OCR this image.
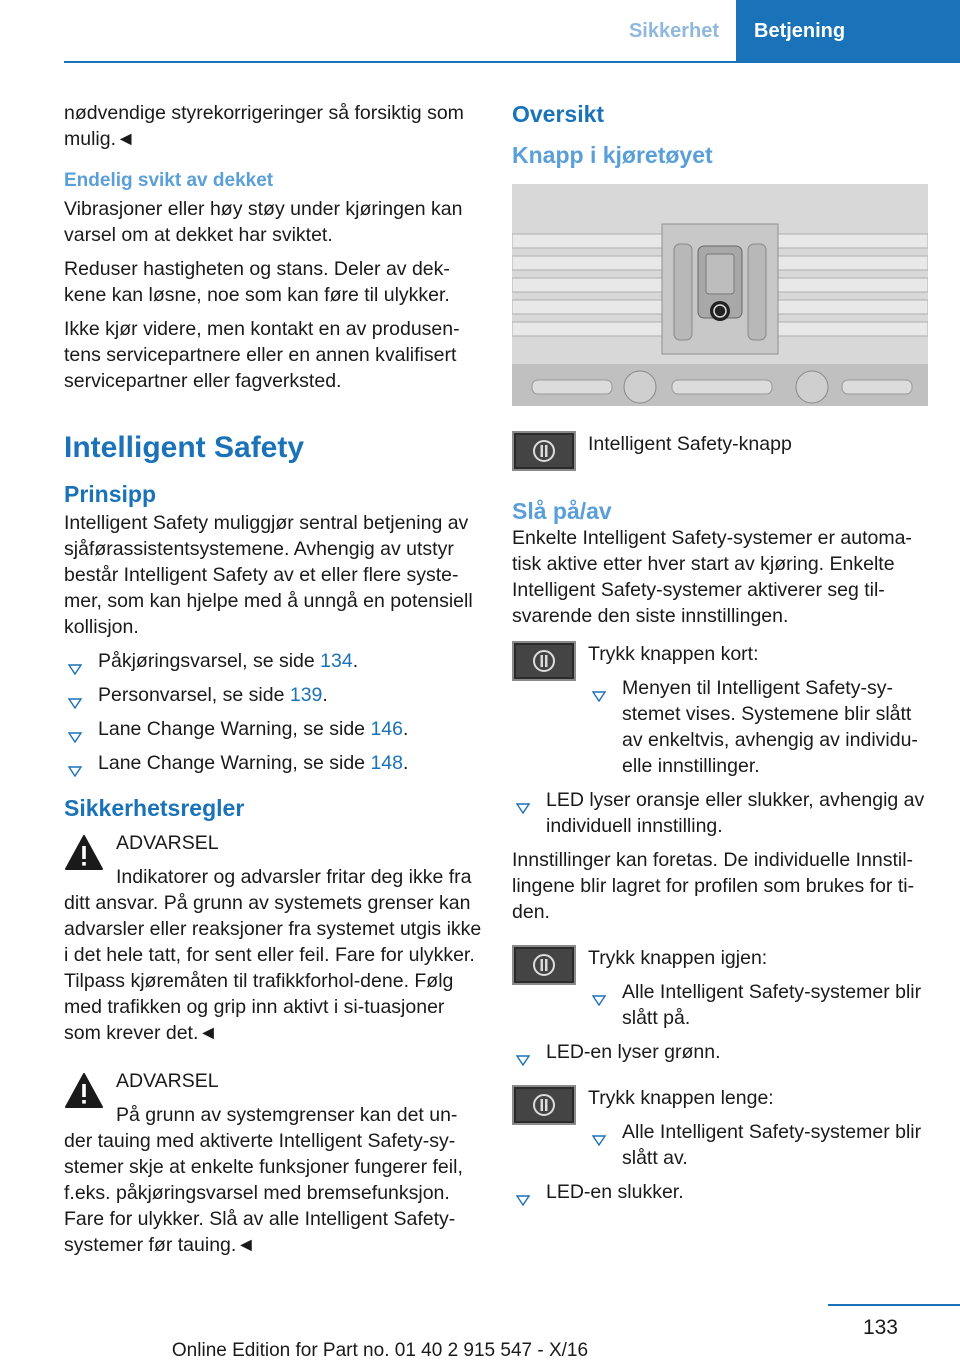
Sikkerhet	Betjening

nødvendige styrekorrigeringer så forsiktig som mulig.◄

Endelig svikt av dekket

Vibrasjoner eller høy støy under kjøringen kan varsel om at dekket har sviktet.

Reduser hastigheten og stans. Deler av dek-kene kan løsne, noe som kan føre til ulykker.

Ikke kjør videre, men kontakt en av produsen-tens servicepartnere eller en annen kvalifisert servicepartner eller fagverksted.

Intelligent Safety
Prinsipp

Intelligent Safety muliggjør sentral betjening av sjåførassistentsystemene. Avhengig av utstyr består Intelligent Safety av et eller flere syste-mer, som kan hjelpe med å unngå en potensiell kollisjon.

Påkjøringsvarsel, se side 134.
Personvarsel, se side 139.
Lane Change Warning, se side 146.
Lane Change Warning, se side 148.
Sikkerhetsregler
ADVARSEL
Indikatorer og advarsler fritar deg ikke fra ditt ansvar. På grunn av systemets grenser kan advarsler eller reaksjoner fra systemet utgis ikke i det hele tatt, for sent eller feil. Fare for ulykker. Tilpass kjøremåten til trafikkforhol-dene. Følg med trafikken og grip inn aktivt i si-tuasjoner som krever det.◄
ADVARSEL
På grunn av systemgrenser kan det un-der tauing med aktiverte Intelligent Safety-sy-stemer skje at enkelte funksjoner fungerer feil, f.eks. påkjøringsvarsel med bremsefunksjon. Fare for ulykker. Slå av alle Intelligent Safety-systemer før tauing.◄
Oversikt
Knapp i kjøretøyet
Intelligent Safety-knapp
Slå på/av

Enkelte Intelligent Safety-systemer er automa-tisk aktive etter hver start av kjøring. Enkelte Intelligent Safety-systemer aktiverer seg til-svarende den siste innstillingen.

Trykk knappen kort:
Menyen til Intelligent Safety-sy-stemet vises. Systemene blir slått av enkeltvis, avhengig av individu-elle innstillinger.
LED lyser oransje eller slukker, avhengig av individuell innstilling.

Innstillinger kan foretas. De individuelle Innstil-lingene blir lagret for profilen som brukes for ti-den.

Trykk knappen igjen:
Alle Intelligent Safety-systemer blir slått på.
LED-en lyser grønn.
Trykk knappen lenge:
Alle Intelligent Safety-systemer blir slått av.
LED-en slukker.
133
Online Edition for Part no. 01 40 2 915 547 - X/16
